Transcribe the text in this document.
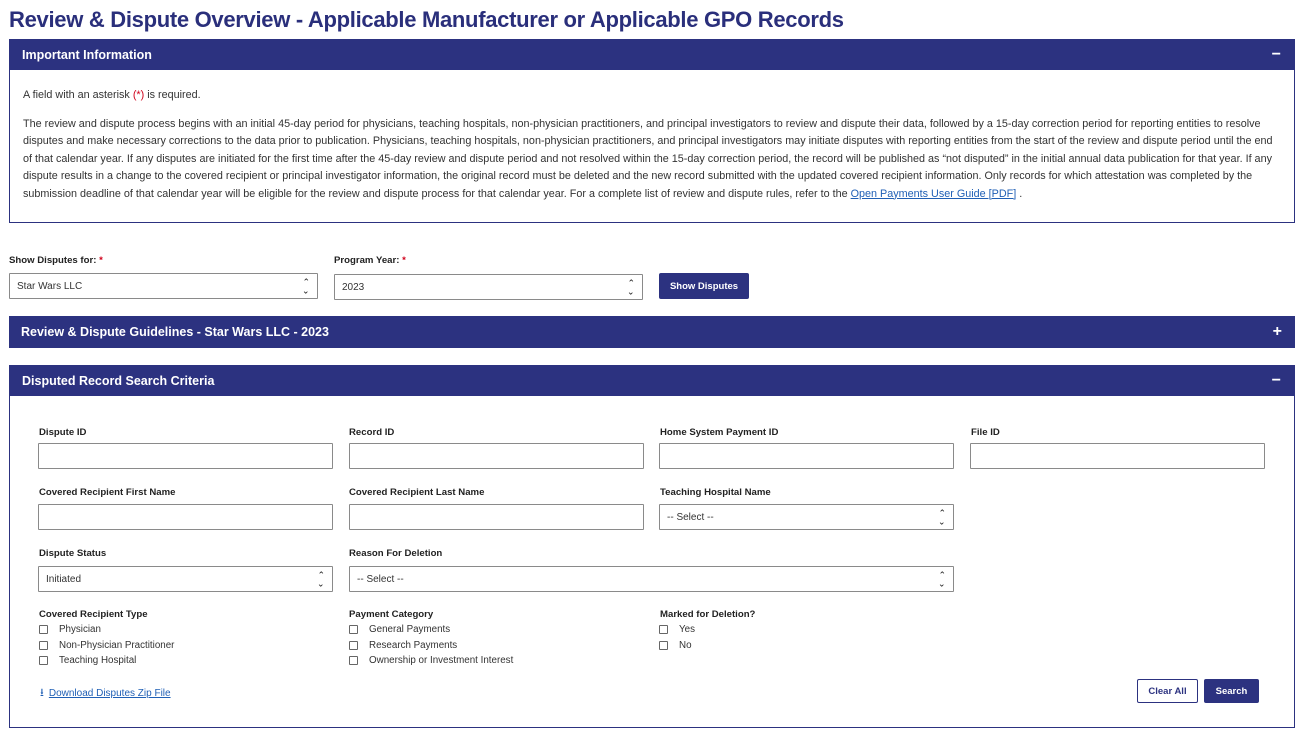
Review & Dispute Overview - Applicable Manufacturer or Applicable GPO Records
Important Information	−

A field with an asterisk (*) is required.

The review and dispute process begins with an initial 45-day period for physicians, teaching hospitals, non-physician practitioners, and principal investigators to review and dispute their data, followed by a 15-day correction period for reporting entities to resolve disputes and make necessary corrections to the data prior to publication. Physicians, teaching hospitals, non-physician practitioners, and principal investigators may initiate disputes with reporting entities from the start of the review and dispute period until the end of that calendar year. If any disputes are initiated for the first time after the 45-day review and dispute period and not resolved within the 15-day correction period, the record will be published as “not disputed” in the initial annual data publication for that year. If any dispute results in a change to the covered recipient or principal investigator information, the original record must be deleted and the new record submitted with the updated covered recipient information. Only records for which attestation was completed by the submission deadline of that calendar year will be eligible for the review and dispute process for that calendar year. For a complete list of review and dispute rules, refer to the Open Payments User Guide [PDF] .

Show Disputes for: *
Star Wars LLC	⌃
⌃
Program Year: *
2023	⌃
⌃	Show Disputes
Review & Dispute Guidelines - Star Wars LLC - 2023	+
Disputed Record Search Criteria	−
Dispute ID	Record ID	Home System Payment ID	File ID
Covered Recipient First Name	Covered Recipient Last Name	Teaching Hospital Name
-- Select --	⌃
⌃
Dispute Status
Initiated	⌃
⌃
Reason For Deletion
-- Select --	⌃
⌃
Covered Recipient Type
Physician
Non-Physician Practitioner
Teaching Hospital
Payment Category
General Payments
Research Payments
Ownership or Investment Interest
Marked for Deletion?
Yes
No
⭳ Download Disputes Zip File	Clear All	Search
